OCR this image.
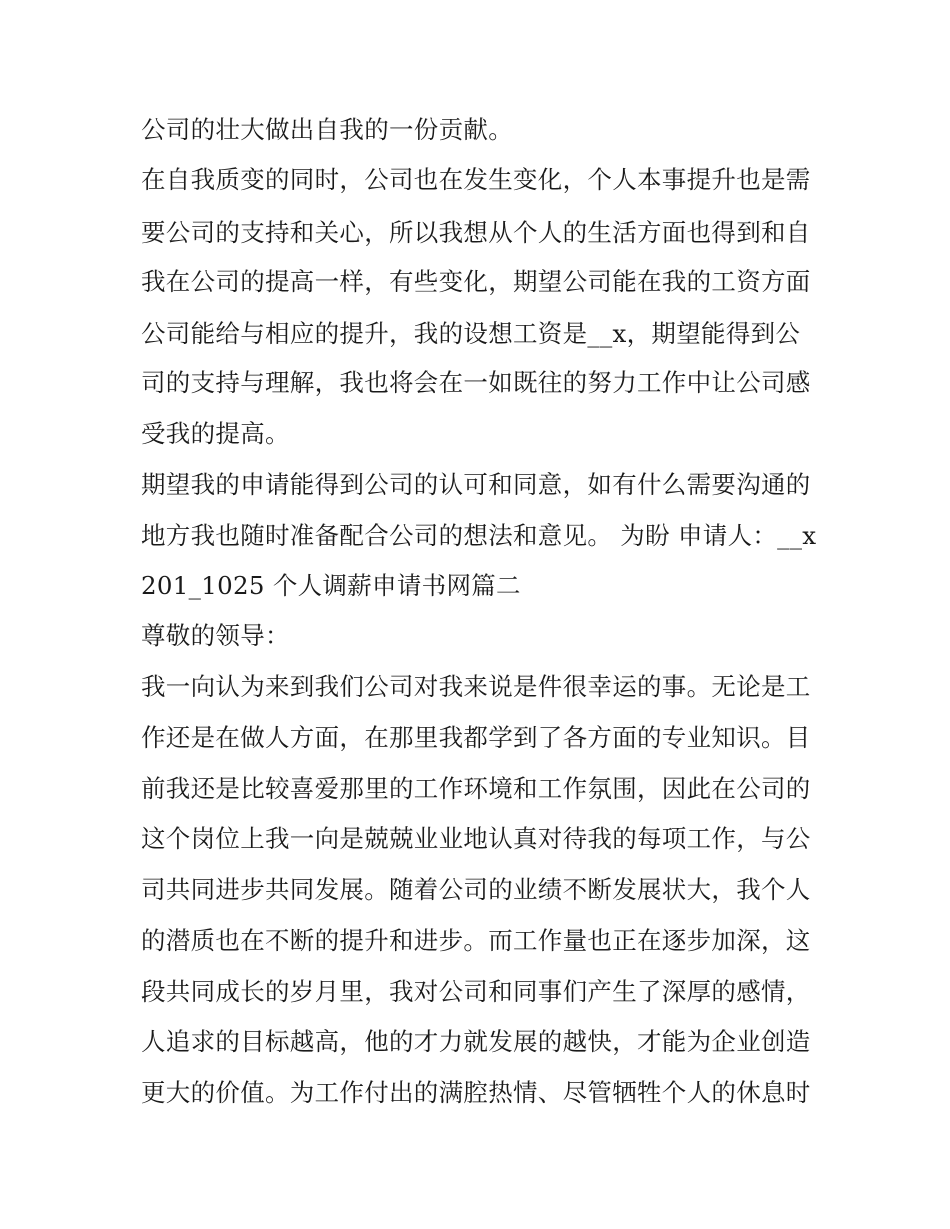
公司的壮大做出自我的一份贡献。
在自我质变的同时，公司也在发生变化，个人本事提升也是需
要公司的支持和关心，所以我想从个人的生活方面也得到和自
我在公司的提高一样，有些变化，期望公司能在我的工资方面
公司能给与相应的提升，我的设想工资是__x，期望能得到公
司的支持与理解，我也将会在一如既往的努力工作中让公司感
受我的提高。
期望我的申请能得到公司的认可和同意，如有什么需要沟通的
地方我也随时准备配合公司的想法和意见。 为盼 申请人：__x
201_1025 个人调薪申请书网篇二
尊敬的领导：
我一向认为来到我们公司对我来说是件很幸运的事。无论是工
作还是在做人方面，在那里我都学到了各方面的专业知识。目
前我还是比较喜爱那里的工作环境和工作氛围，因此在公司的
这个岗位上我一向是兢兢业业地认真对待我的每项工作，与公
司共同进步共同发展。随着公司的业绩不断发展状大，我个人
的潜质也在不断的提升和进步。而工作量也正在逐步加深，这
段共同成长的岁月里，我对公司和同事们产生了深厚的感情，
人追求的目标越高，他的才力就发展的越快，才能为企业创造
更大的价值。为工作付出的满腔热情、尽管牺牲个人的休息时
